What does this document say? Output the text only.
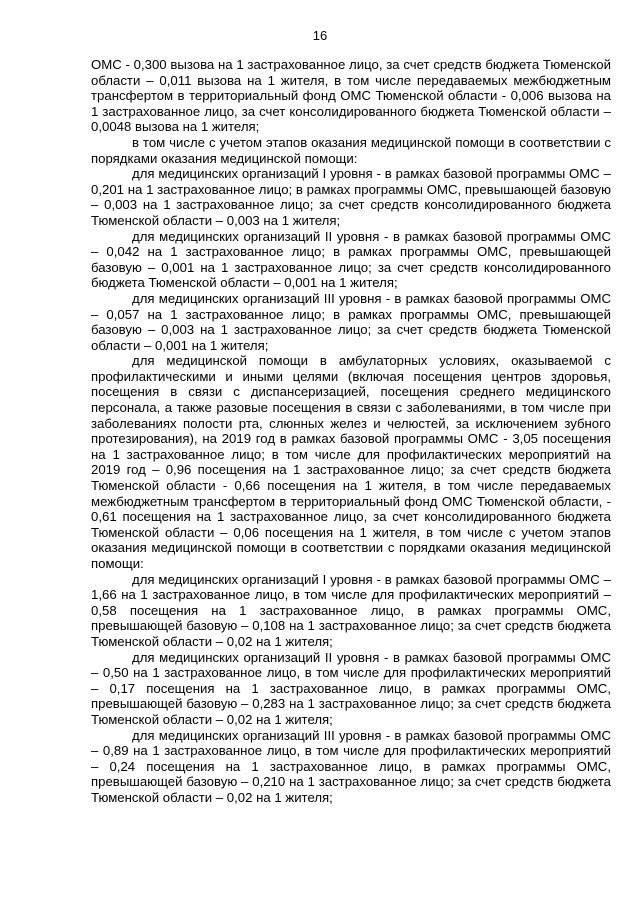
16

ОМС - 0,300 вызова на 1 застрахованное лицо, за счет средств бюджета Тюменской области – 0,011 вызова на 1 жителя, в том числе передаваемых межбюджетным трансфертом в территориальный фонд ОМС Тюменской области - 0,006 вызова на 1 застрахованное лицо, за счет консолидированного бюджета Тюменской области – 0,0048 вызова на 1 жителя;

в том числе с учетом этапов оказания медицинской помощи в соответствии с порядками оказания медицинской помощи:

для медицинских организаций I уровня - в рамках базовой программы ОМС – 0,201 на 1 застрахованное лицо; в рамках программы ОМС, превышающей базовую – 0,003 на 1 застрахованное лицо; за счет средств консолидированного бюджета Тюменской области – 0,003 на 1 жителя;

для медицинских организаций II уровня - в рамках базовой программы ОМС – 0,042 на 1 застрахованное лицо; в рамках программы ОМС, превышающей базовую – 0,001 на 1 застрахованное лицо; за счет средств консолидированного бюджета Тюменской области – 0,001 на 1 жителя;

для медицинских организаций III уровня - в рамках базовой программы ОМС – 0,057 на 1 застрахованное лицо; в рамках программы ОМС, превышающей базовую – 0,003 на 1 застрахованное лицо; за счет средств бюджета Тюменской области – 0,001 на 1 жителя;

для медицинской помощи в амбулаторных условиях, оказываемой с профилактическими и иными целями (включая посещения центров здоровья, посещения в связи с диспансеризацией, посещения среднего медицинского персонала, а также разовые посещения в связи с заболеваниями, в том числе при заболеваниях полости рта, слюнных желез и челюстей, за исключением зубного протезирования), на 2019 год в рамках базовой программы ОМС - 3,05 посещения на 1 застрахованное лицо; в том числе для профилактических мероприятий на 2019 год – 0,96 посещения на 1 застрахованное лицо; за счет средств бюджета Тюменской области - 0,66 посещения на 1 жителя, в том числе передаваемых межбюджетным трансфертом в территориальный фонд ОМС Тюменской области, - 0,61 посещения на 1 застрахованное лицо, за счет консолидированного бюджета Тюменской области – 0,06 посещения на 1 жителя, в том числе с учетом этапов оказания медицинской помощи в соответствии с порядками оказания медицинской помощи:

для медицинских организаций I уровня - в рамках базовой программы ОМС – 1,66 на 1 застрахованное лицо, в том числе для профилактических мероприятий – 0,58 посещения на 1 застрахованное лицо, в рамках программы ОМС, превышающей базовую – 0,108 на 1 застрахованное лицо; за счет средств бюджета Тюменской области – 0,02 на 1 жителя;

для медицинских организаций II уровня - в рамках базовой программы ОМС – 0,50 на 1 застрахованное лицо, в том числе для профилактических мероприятий – 0,17 посещения на 1 застрахованное лицо, в рамках программы ОМС, превышающей базовую – 0,283 на 1 застрахованное лицо; за счет средств бюджета Тюменской области – 0,02 на 1 жителя;

для медицинских организаций III уровня - в рамках базовой программы ОМС – 0,89 на 1 застрахованное лицо, в том числе для профилактических мероприятий – 0,24 посещения на 1 застрахованное лицо, в рамках программы ОМС, превышающей базовую – 0,210 на 1 застрахованное лицо; за счет средств бюджета Тюменской области – 0,02 на 1 жителя;
